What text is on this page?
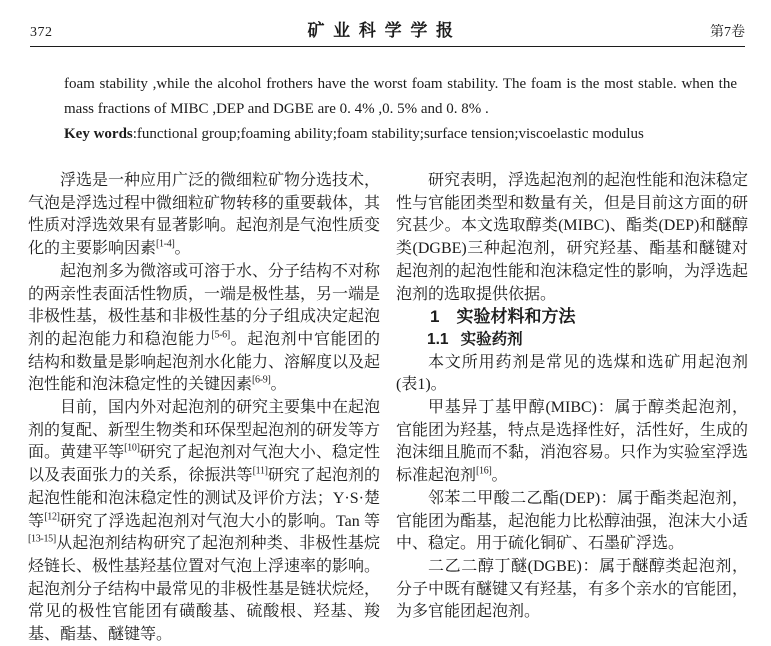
372	矿 业 科 学 学 报	第7卷

foam stability ,while the alcohol frothers have the worst foam stability. The foam is the most stable. when the mass fractions of MIBC ,DEP and DGBE are 0. 4% ,0. 5% and 0. 8% .

Key words:functional group;foaming ability;foam stability;surface tension;viscoelastic modulus

浮选是一种应用广泛的微细粒矿物分选技术，气泡是浮选过程中微细粒矿物转移的重要载体，其性质对浮选效果有显著影响。起泡剂是气泡性质变化的主要影响因素[1-4]。

起泡剂多为微溶或可溶于水、分子结构不对称的两亲性表面活性物质，一端是极性基，另一端是非极性基，极性基和非极性基的分子组成决定起泡剂的起泡能力和稳泡能力[5-6]。起泡剂中官能团的结构和数量是影响起泡剂水化能力、溶解度以及起泡性能和泡沫稳定性的关键因素[6-9]。

目前，国内外对起泡剂的研究主要集中在起泡剂的复配、新型生物类和环保型起泡剂的研发等方面。黄建平等[10]研究了起泡剂对气泡大小、稳定性以及表面张力的关系，徐振洪等[11]研究了起泡剂的起泡性能和泡沫稳定性的测试及评价方法；Y·S·楚等[12]研究了浮选起泡剂对气泡大小的影响。Tan 等[13-15]从起泡剂结构研究了起泡剂种类、非极性基烷烃链长、极性基羟基位置对气泡上浮速率的影响。起泡剂分子结构中最常见的非极性基是链状烷烃，常见的极性官能团有磺酸基、硫酸根、羟基、羧基、酯基、醚键等。

研究表明，浮选起泡剂的起泡性能和泡沫稳定性与官能团类型和数量有关，但是目前这方面的研究甚少。本文选取醇类(MIBC)、酯类(DEP)和醚醇类(DGBE)三种起泡剂，研究羟基、酯基和醚键对起泡剂的起泡性能和泡沫稳定性的影响，为浮选起泡剂的选取提供依据。

1 实验材料和方法

1.1 实验药剂

本文所用药剂是常见的选煤和选矿用起泡剂(表1)。

甲基异丁基甲醇(MIBC)：属于醇类起泡剂，官能团为羟基，特点是选择性好，活性好，生成的泡沫细且脆而不黏，消泡容易。只作为实验室浮选标准起泡剂[16]。

邻苯二甲酸二乙酯(DEP)：属于酯类起泡剂，官能团为酯基，起泡能力比松醇油强，泡沫大小适中、稳定。用于硫化铜矿、石墨矿浮选。

二乙二醇丁醚(DGBE)：属于醚醇类起泡剂，分子中既有醚键又有羟基，有多个亲水的官能团，为多官能团起泡剂。
